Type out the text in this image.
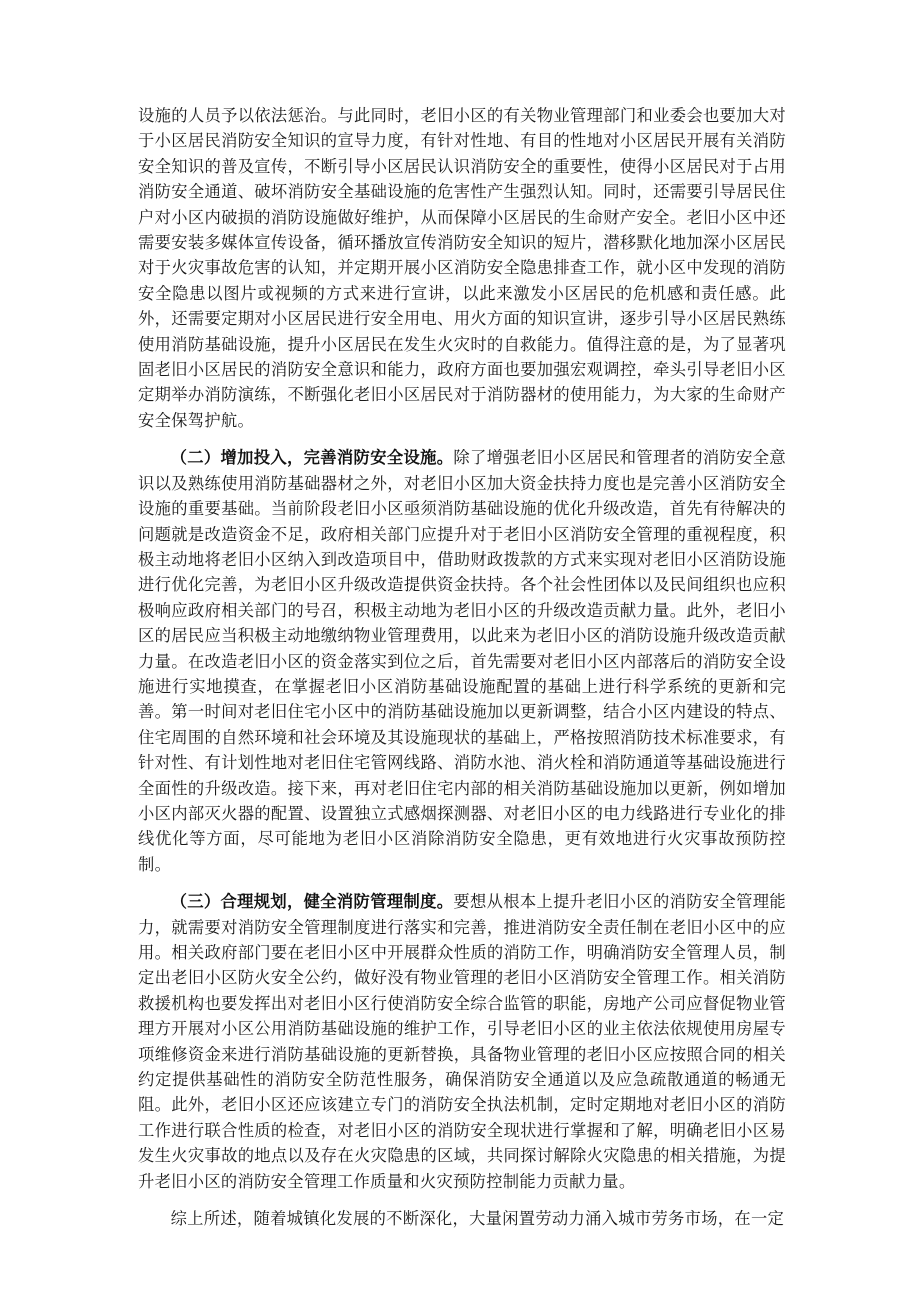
设施的人员予以依法惩治。与此同时，老旧小区的有关物业管理部门和业委会也要加大对于小区居民消防安全知识的宣导力度，有针对性地、有目的性地对小区居民开展有关消防安全知识的普及宣传，不断引导小区居民认识消防安全的重要性，使得小区居民对于占用消防安全通道、破坏消防安全基础设施的危害性产生强烈认知。同时，还需要引导居民住户对小区内破损的消防设施做好维护，从而保障小区居民的生命财产安全。老旧小区中还需要安装多媒体宣传设备，循环播放宣传消防安全知识的短片，潜移默化地加深小区居民对于火灾事故危害的认知，并定期开展小区消防安全隐患排查工作，就小区中发现的消防安全隐患以图片或视频的方式来进行宣讲，以此来激发小区居民的危机感和责任感。此外，还需要定期对小区居民进行安全用电、用火方面的知识宣讲，逐步引导小区居民熟练使用消防基础设施，提升小区居民在发生火灾时的自救能力。值得注意的是，为了显著巩固老旧小区居民的消防安全意识和能力，政府方面也要加强宏观调控，牵头引导老旧小区定期举办消防演练，不断强化老旧小区居民对于消防器材的使用能力，为大家的生命财产安全保驾护航。

（二）增加投入，完善消防安全设施。除了增强老旧小区居民和管理者的消防安全意识以及熟练使用消防基础器材之外，对老旧小区加大资金扶持力度也是完善小区消防安全设施的重要基础。当前阶段老旧小区亟须消防基础设施的优化升级改造，首先有待解决的问题就是改造资金不足，政府相关部门应提升对于老旧小区消防安全管理的重视程度，积极主动地将老旧小区纳入到改造项目中，借助财政拨款的方式来实现对老旧小区消防设施进行优化完善，为老旧小区升级改造提供资金扶持。各个社会性团体以及民间组织也应积极响应政府相关部门的号召，积极主动地为老旧小区的升级改造贡献力量。此外，老旧小区的居民应当积极主动地缴纳物业管理费用，以此来为老旧小区的消防设施升级改造贡献力量。在改造老旧小区的资金落实到位之后，首先需要对老旧小区内部落后的消防安全设施进行实地摸查，在掌握老旧小区消防基础设施配置的基础上进行科学系统的更新和完善。第一时间对老旧住宅小区中的消防基础设施加以更新调整，结合小区内建设的特点、住宅周围的自然环境和社会环境及其设施现状的基础上，严格按照消防技术标准要求，有针对性、有计划性地对老旧住宅管网线路、消防水池、消火栓和消防通道等基础设施进行全面性的升级改造。接下来，再对老旧住宅内部的相关消防基础设施加以更新，例如增加小区内部灭火器的配置、设置独立式感烟探测器、对老旧小区的电力线路进行专业化的排线优化等方面，尽可能地为老旧小区消除消防安全隐患，更有效地进行火灾事故预防控制。

（三）合理规划，健全消防管理制度。要想从根本上提升老旧小区的消防安全管理能力，就需要对消防安全管理制度进行落实和完善，推进消防安全责任制在老旧小区中的应用。相关政府部门要在老旧小区中开展群众性质的消防工作，明确消防安全管理人员，制定出老旧小区防火安全公约，做好没有物业管理的老旧小区消防安全管理工作。相关消防救援机构也要发挥出对老旧小区行使消防安全综合监管的职能，房地产公司应督促物业管理方开展对小区公用消防基础设施的维护工作，引导老旧小区的业主依法依规使用房屋专项维修资金来进行消防基础设施的更新替换，具备物业管理的老旧小区应按照合同的相关约定提供基础性的消防安全防范性服务，确保消防安全通道以及应急疏散通道的畅通无阻。此外，老旧小区还应该建立专门的消防安全执法机制，定时定期地对老旧小区的消防工作进行联合性质的检查，对老旧小区的消防安全现状进行掌握和了解，明确老旧小区易发生火灾事故的地点以及存在火灾隐患的区域，共同探讨解除火灾隐患的相关措施，为提升老旧小区的消防安全管理工作质量和火灾预防控制能力贡献力量。

综上所述，随着城镇化发展的不断深化，大量闲置劳动力涌入城市劳务市场，在一定
